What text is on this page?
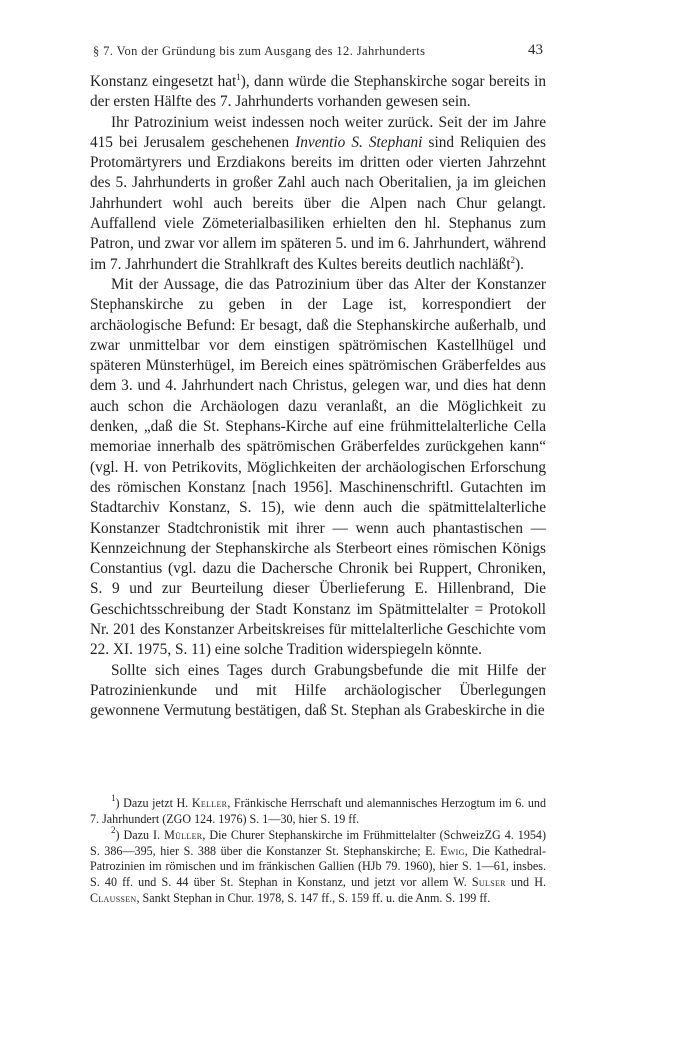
§ 7. Von der Gründung bis zum Ausgang des 12. Jahrhunderts	43

Konstanz eingesetzt hat$^1$), dann würde die Stephanskirche sogar bereits in der ersten Hälfte des 7. Jahrhunderts vorhanden gewesen sein.

Ihr Patrozinium weist indessen noch weiter zurück. Seit der im Jahre 415 bei Jerusalem geschehenen Inventio S. Stephani sind Reliquien des Protomärtyrers und Erzdiakons bereits im dritten oder vierten Jahrzehnt des 5. Jahrhunderts in großer Zahl auch nach Oberitalien, ja im gleichen Jahrhundert wohl auch bereits über die Alpen nach Chur gelangt. Auffallend viele Zömeterialbasiliken erhielten den hl. Stephanus zum Patron, und zwar vor allem im späteren 5. und im 6. Jahrhundert, während im 7. Jahrhundert die Strahlkraft des Kultes bereits deutlich nachläßt$^2$).

Mit der Aussage, die das Patrozinium über das Alter der Konstanzer Stephanskirche zu geben in der Lage ist, korrespondiert der archäologische Befund: Er besagt, daß die Stephanskirche außerhalb, und zwar unmittelbar vor dem einstigen spätrömischen Kastellhügel und späteren Münsterhügel, im Bereich eines spätrömischen Gräberfeldes aus dem 3. und 4. Jahrhundert nach Christus, gelegen war, und dies hat denn auch schon die Archäologen dazu veranlaßt, an die Möglichkeit zu denken, „daß die St. Stephans-Kirche auf eine frühmittelalterliche Cella memoriae innerhalb des spätrömischen Gräberfeldes zurückgehen kann“ (vgl. H. von Petrikovits, Möglichkeiten der archäologischen Erforschung des römischen Konstanz [nach 1956]. Maschinenschriftl. Gutachten im Stadtarchiv Konstanz, S. 15), wie denn auch die spätmittelalterliche Konstanzer Stadtchronistik mit ihrer — wenn auch phantastischen — Kennzeichnung der Stephanskirche als Sterbeort eines römischen Königs Constantius (vgl. dazu die Dachersche Chronik bei Ruppert, Chroniken, S. 9 und zur Beurteilung dieser Überlieferung E. Hillenbrand, Die Geschichtsschreibung der Stadt Konstanz im Spätmittelalter = Protokoll Nr. 201 des Konstanzer Arbeitskreises für mittelalterliche Geschichte vom 22. XI. 1975, S. 11) eine solche Tradition widerspiegeln könnte.

Sollte sich eines Tages durch Grabungsbefunde die mit Hilfe der Patrozinienkunde und mit Hilfe archäologischer Überlegungen gewonnene Vermutung bestätigen, daß St. Stephan als Grabeskirche in die

$^1$) Dazu jetzt H. Keller, Fränkische Herrschaft und alemannisches Herzogtum im 6. und 7. Jahrhundert (ZGO 124. 1976) S. 1—30, hier S. 19 ff.

$^2$) Dazu I. Müller, Die Churer Stephanskirche im Frühmittelalter (SchweizZG 4. 1954) S. 386—395, hier S. 388 über die Konstanzer St. Stephanskirche; E. Ewig, Die Kathedral-Patrozinien im römischen und im fränkischen Gallien (HJb 79. 1960), hier S. 1—61, insbes. S. 40 ff. und S. 44 über St. Stephan in Konstanz, und jetzt vor allem W. Sulser und H. Claussen, Sankt Stephan in Chur. 1978, S. 147 ff., S. 159 ff. u. die Anm. S. 199 ff.
